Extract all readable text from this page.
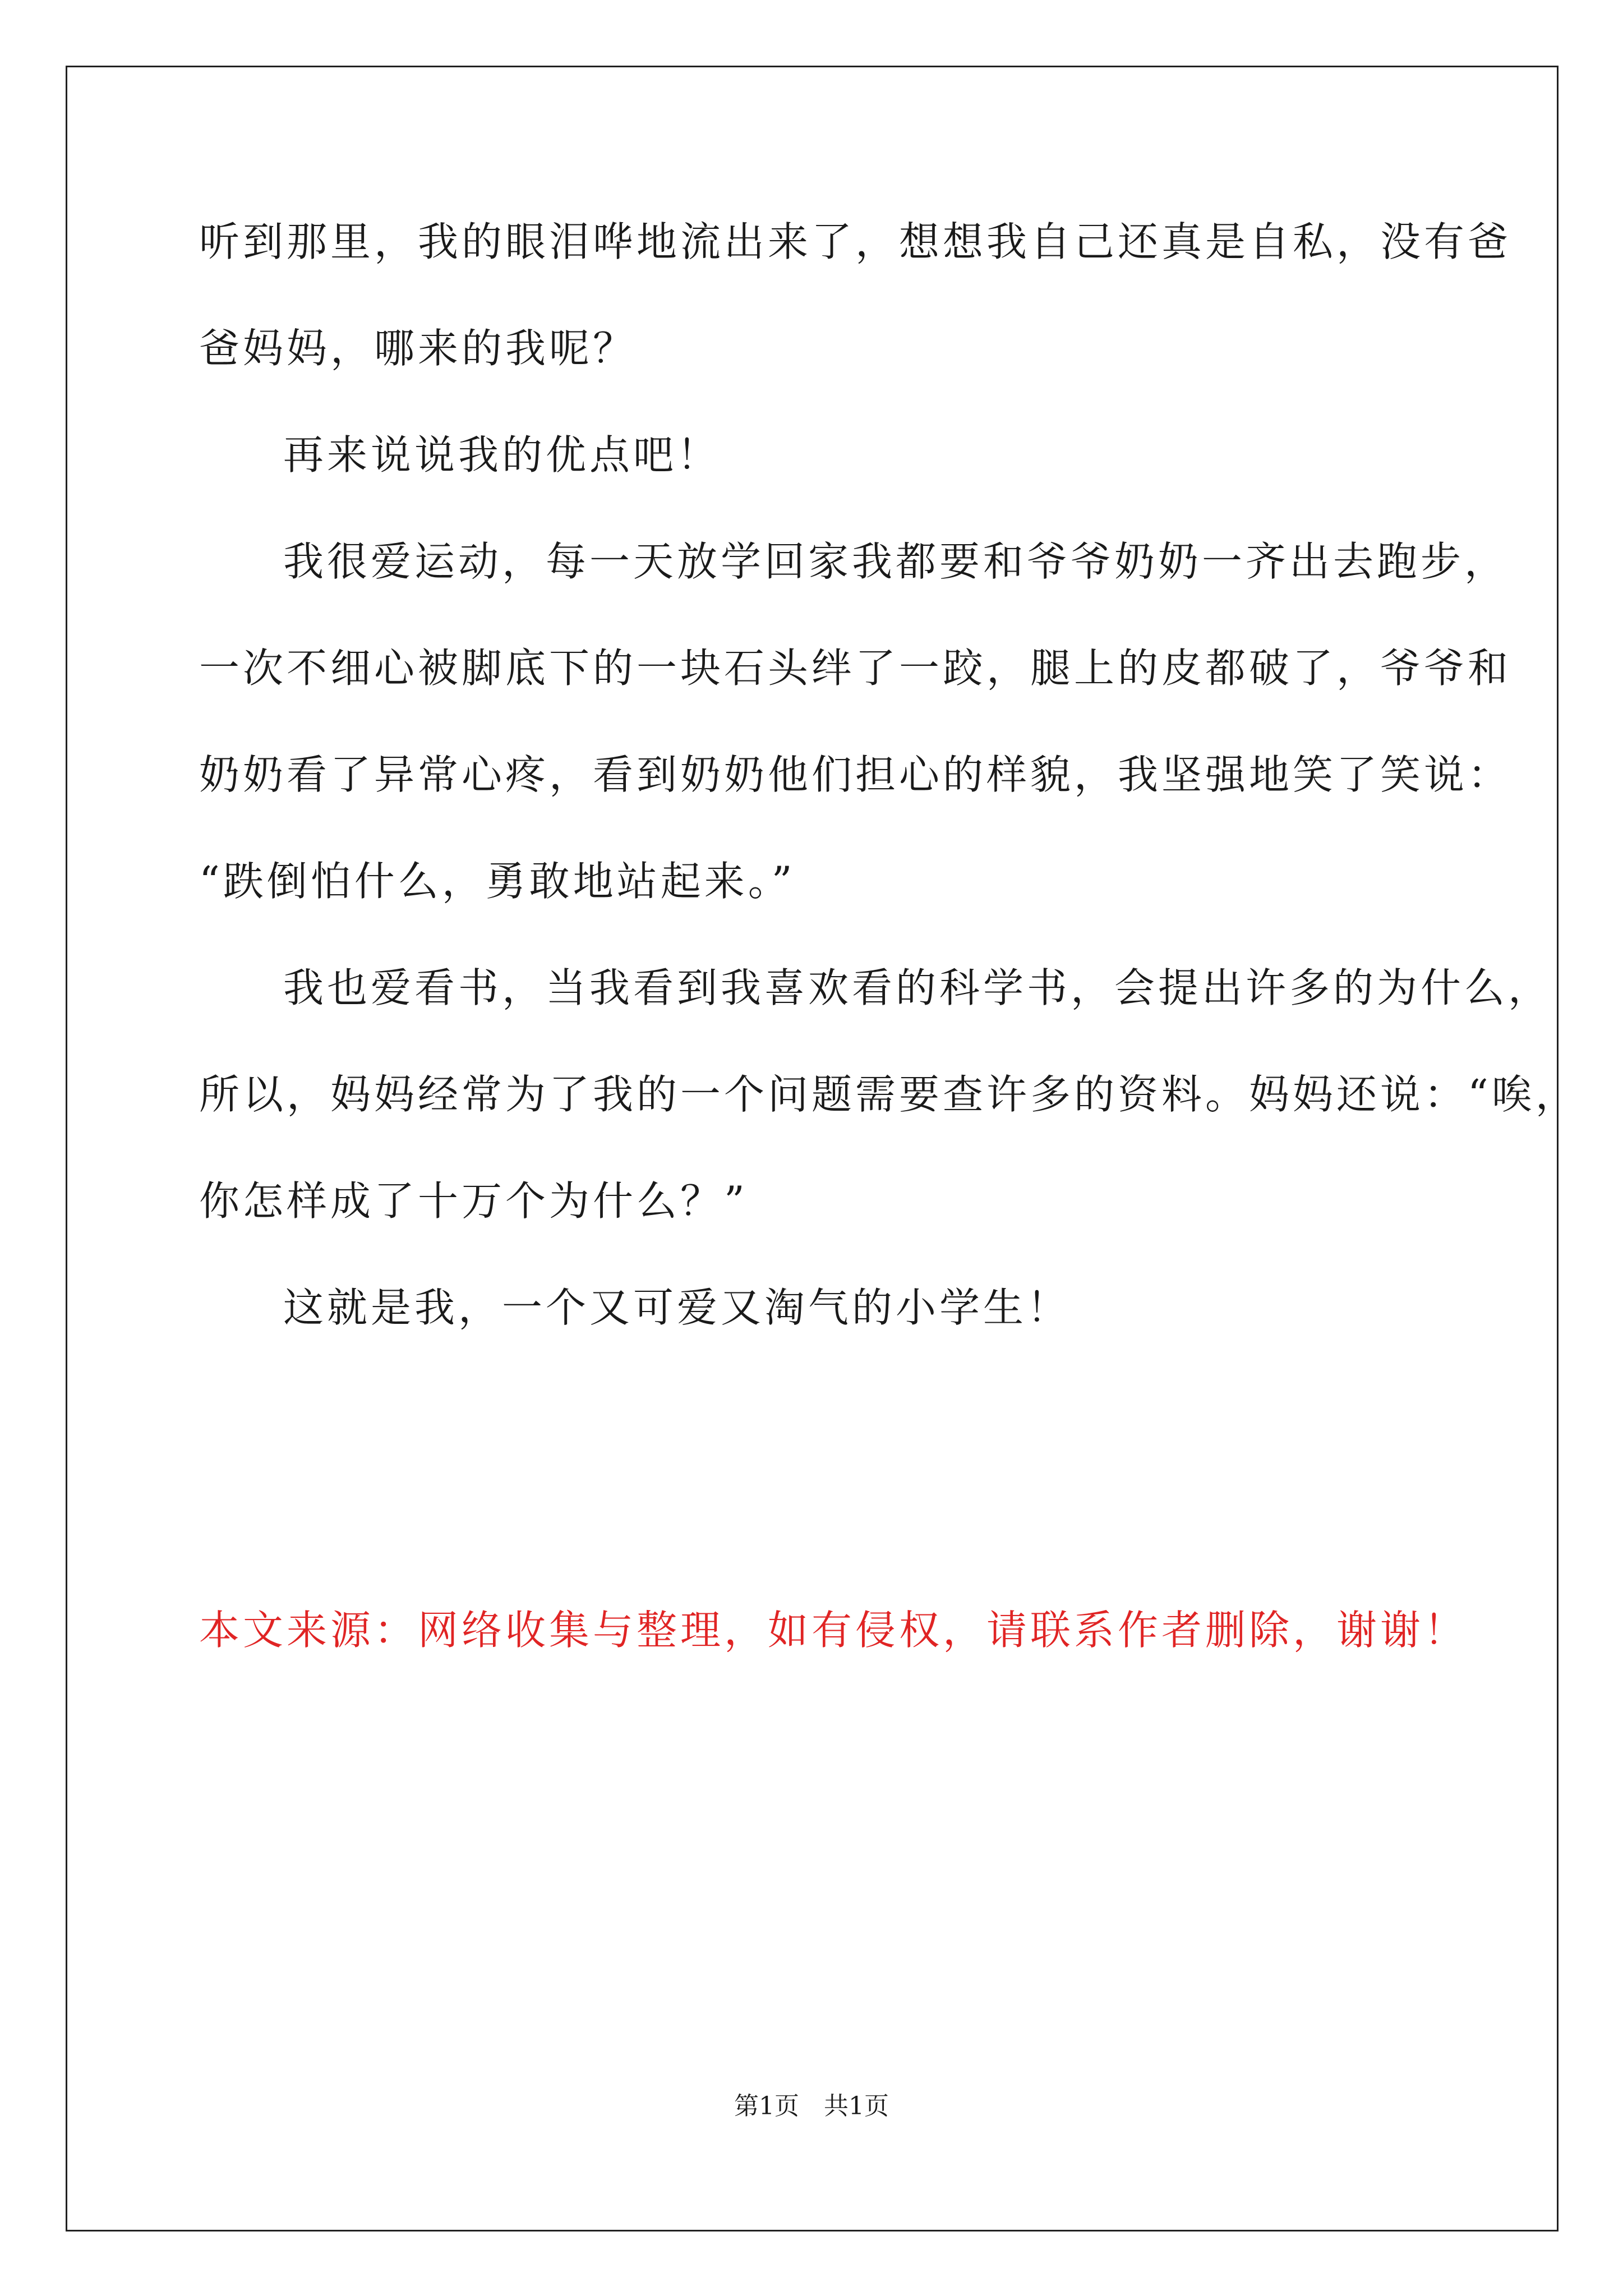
听到那里，我的眼泪哗地流出来了，想想我自己还真是自私，没有爸

爸妈妈，哪来的我呢？

再来说说我的优点吧！

我很爱运动，每一天放学回家我都要和爷爷奶奶一齐出去跑步，

一次不细心被脚底下的一块石头绊了一跤，腿上的皮都破了，爷爷和

奶奶看了异常心疼，看到奶奶他们担心的样貌，我坚强地笑了笑说：

“跌倒怕什么，勇敢地站起来。”

我也爱看书，当我看到我喜欢看的科学书，会提出许多的为什么，

所以，妈妈经常为了我的一个问题需要查许多的资料。妈妈还说：“唉，

你怎样成了十万个为什么？”

这就是我，一个又可爱又淘气的小学生！

本文来源：网络收集与整理，如有侵权，请联系作者删除，谢谢！
第1页　共1页
